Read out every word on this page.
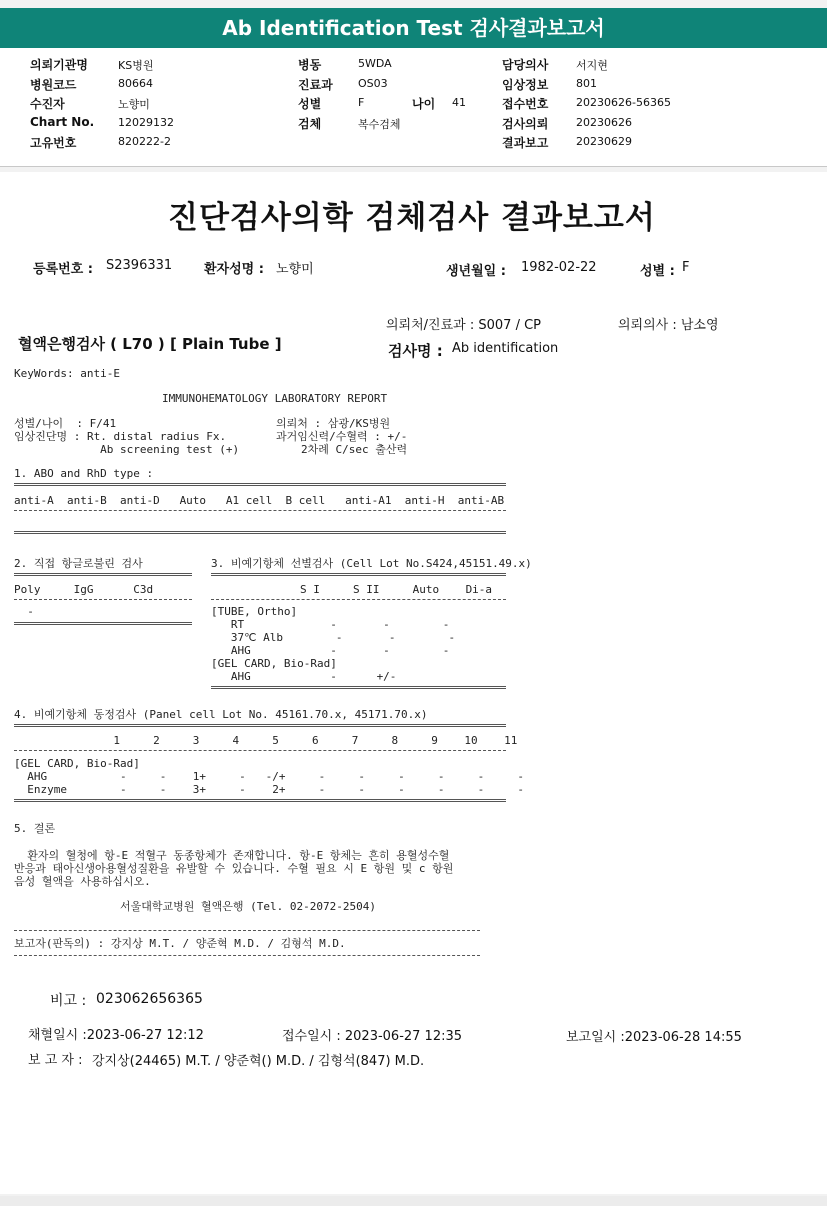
Ab Identification Test 검사결과보고서
의뢰기관명	KS병원
병원코드	80664
수진자	노향미
Chart No. 12029132
고유번호	820222-2
병동	5WDA
진료과 OS03
성별	F	나이 41
검체	복수검체
담당의사	서지현
임상정보	801
접수번호	20230626-56365
검사의뢰	20230626
결과보고	20230629
진단검사의학 검체검사 결과보고서
등록번호 : S2396331 환자성명 : 노향미	생년월일 : 1982-02-22	성별 : F
의뢰처/진료과 : S007 / CP	의뢰의사 : 남소영
혈액은행검사 ( L70 ) [ Plain Tube ]	검사명 : Ab identification
KeyWords: anti-E
IMMUNOHEMATOLOGY LABORATORY REPORT
성별/나이  : F/41
임상진단명 : Rt. distal radius Fx.
Ab screening test (+)
의뢰처 : 삼광/KS병원
과거임신력/수혈력 : +/-
2차례 C/sec 출산력
1. ABO and RhD type :
anti-A  anti-B  anti-D   Auto   A1 cell  B cell   anti-A1  anti-H  anti-AB
2. 직접 항글로불린 검사
Poly     IgG      C3d
-
3. 비예기항체 선별검사 (Cell Lot No.S424,45151.49.x)
S I     S II     Auto    Di-a
[TUBE, Ortho]
RT             -       -        -
37℃ Alb        -       -        -
AHG            -       -        -
[GEL CARD, Bio-Rad]
AHG            -      +/-
4. 비예기항체 동정검사 (Panel cell Lot No. 45161.70.x, 45171.70.x)
1     2     3     4     5     6     7     8     9    10    11
[GEL CARD, Bio-Rad]
AHG           -     -    1+     -   -/+     -     -     -     -     -     -
Enzyme        -     -    3+     -    2+     -     -     -     -     -     -
5. 결론
환자의 혈청에 항-E 적혈구 동종항체가 존재합니다. 항-E 항체는 흔히 용혈성수혈
반응과 태아신생아용혈성질환을 유발할 수 있습니다. 수혈 필요 시 E 항원 및 c 항원
음성 혈액을 사용하십시오.
서울대학교병원 혈액은행 (Tel. 02-2072-2504)
보고자(판독의) : 강지상 M.T. / 양준혁 M.D. / 김형석 M.D.
비고 : 023062656365
채혈일시 :2023-06-27 12:12	접수일시 : 2023-06-27 12:35	보고일시 :2023-06-28 14:55
보 고 자 : 강지상(24465) M.T. / 양준혁() M.D. / 김형석(847) M.D.
